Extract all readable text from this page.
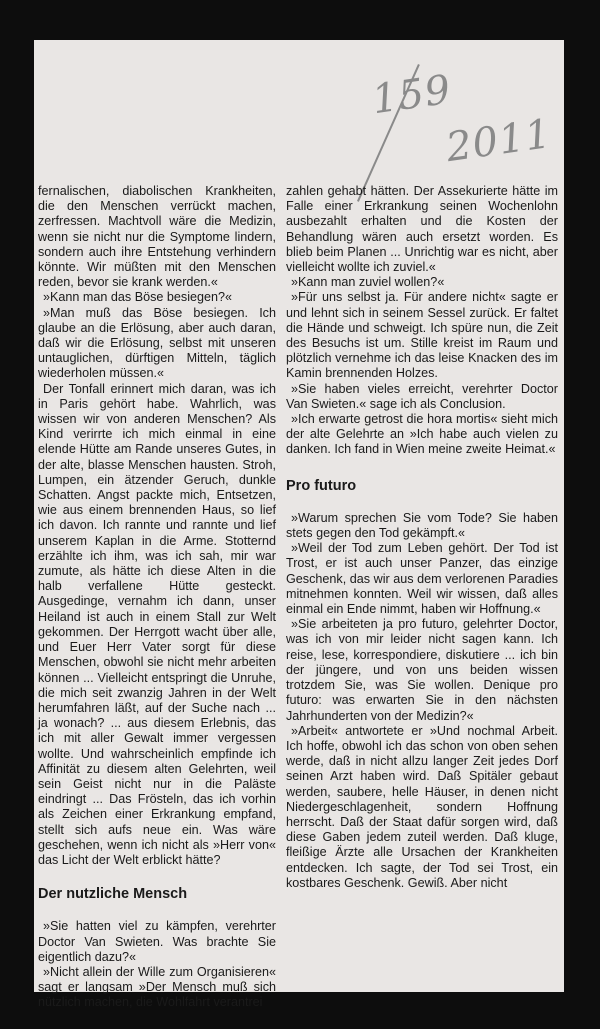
159
2011

fernalischen, diabolischen Krankheiten, die den Menschen verrückt machen, zerfressen. Machtvoll wäre die Medizin, wenn sie nicht nur die Symptome lindern, sondern auch ihre Entstehung verhindern könnte. Wir müßten mit den Menschen reden, bevor sie krank werden.«

»Kann man das Böse besiegen?«

»Man muß das Böse besiegen. Ich glaube an die Erlösung, aber auch daran, daß wir die Erlösung, selbst mit unseren untauglichen, dürftigen Mitteln, täglich wiederholen müssen.«

Der Tonfall erinnert mich daran, was ich in Paris gehört habe. Wahrlich, was wissen wir von anderen Menschen? Als Kind verirrte ich mich einmal in eine elende Hütte am Rande unseres Gutes, in der alte, blasse Menschen hausten. Stroh, Lumpen, ein ätzender Geruch, dunkle Schatten. Angst packte mich, Entsetzen, wie aus einem brennenden Haus, so lief ich davon. Ich rannte und rannte und lief unserem Kaplan in die Arme. Stotternd erzählte ich ihm, was ich sah, mir war zumute, als hätte ich diese Alten in die halb verfallene Hütte gesteckt. Ausgedinge, vernahm ich dann, unser Heiland ist auch in einem Stall zur Welt gekommen. Der Herrgott wacht über alle, und Euer Herr Vater sorgt für diese Menschen, obwohl sie nicht mehr arbeiten können ... Vielleicht entspringt die Unruhe, die mich seit zwanzig Jahren in der Welt herumfahren läßt, auf der Suche nach ... ja wonach? ... aus diesem Erlebnis, das ich mit aller Gewalt immer vergessen wollte. Und wahrscheinlich empfinde ich Affinität zu diesem alten Gelehrten, weil sein Geist nicht nur in die Paläste eindringt ... Das Frösteln, das ich vorhin als Zeichen einer Erkrankung empfand, stellt sich aufs neue ein. Was wäre geschehen, wenn ich nicht als »Herr von« das Licht der Welt erblickt hätte?

Der nutzliche Mensch

»Sie hatten viel zu kämpfen, verehrter Doctor Van Swieten. Was brachte Sie eigentlich dazu?«

»Nicht allein der Wille zum Organisieren« sagt er langsam »Der Mensch muß sich nützlich machen, die Wohlfahrt verantrei

zahlen gehabt hätten. Der Assekurierte hätte im Falle einer Erkrankung seinen Wochenlohn ausbezahlt erhalten und die Kosten der Behandlung wären auch ersetzt worden. Es blieb beim Planen ... Unrichtig war es nicht, aber vielleicht wollte ich zuviel.«

»Kann man zuviel wollen?«

»Für uns selbst ja. Für andere nicht« sagte er und lehnt sich in seinem Sessel zurück. Er faltet die Hände und schweigt. Ich spüre nun, die Zeit des Besuchs ist um. Stille kreist im Raum und plötzlich vernehme ich das leise Knacken des im Kamin brennenden Holzes.

»Sie haben vieles erreicht, verehrter Doctor Van Swieten.« sage ich als Conclusion.

»Ich erwarte getrost die hora mortis« sieht mich der alte Gelehrte an »Ich habe auch vielen zu danken. Ich fand in Wien meine zweite Heimat.«

Pro futuro

»Warum sprechen Sie vom Tode? Sie haben stets gegen den Tod gekämpft.«

»Weil der Tod zum Leben gehört. Der Tod ist Trost, er ist auch unser Panzer, das einzige Geschenk, das wir aus dem verlorenen Paradies mitnehmen konnten. Weil wir wissen, daß alles einmal ein Ende nimmt, haben wir Hoffnung.«

»Sie arbeiteten ja pro futuro, gelehrter Doctor, was ich von mir leider nicht sagen kann. Ich reise, lese, korrespondiere, diskutiere ... ich bin der jüngere, und von uns beiden wissen trotzdem Sie, was Sie wollen. Denique pro futuro: was erwarten Sie in den nächsten Jahrhunderten von der Medizin?«

»Arbeit« antwortete er »Und nochmal Arbeit. Ich hoffe, obwohl ich das schon von oben sehen werde, daß in nicht allzu langer Zeit jedes Dorf seinen Arzt haben wird. Daß Spitäler gebaut werden, saubere, helle Häuser, in denen nicht Niedergeschlagenheit, sondern Hoffnung herrscht. Daß der Staat dafür sorgen wird, daß diese Gaben jedem zuteil werden. Daß kluge, fleißige Ärzte alle Ursachen der Krankheiten entdecken. Ich sagte, der Tod sei Trost, ein kostbares Geschenk. Gewiß. Aber nicht
